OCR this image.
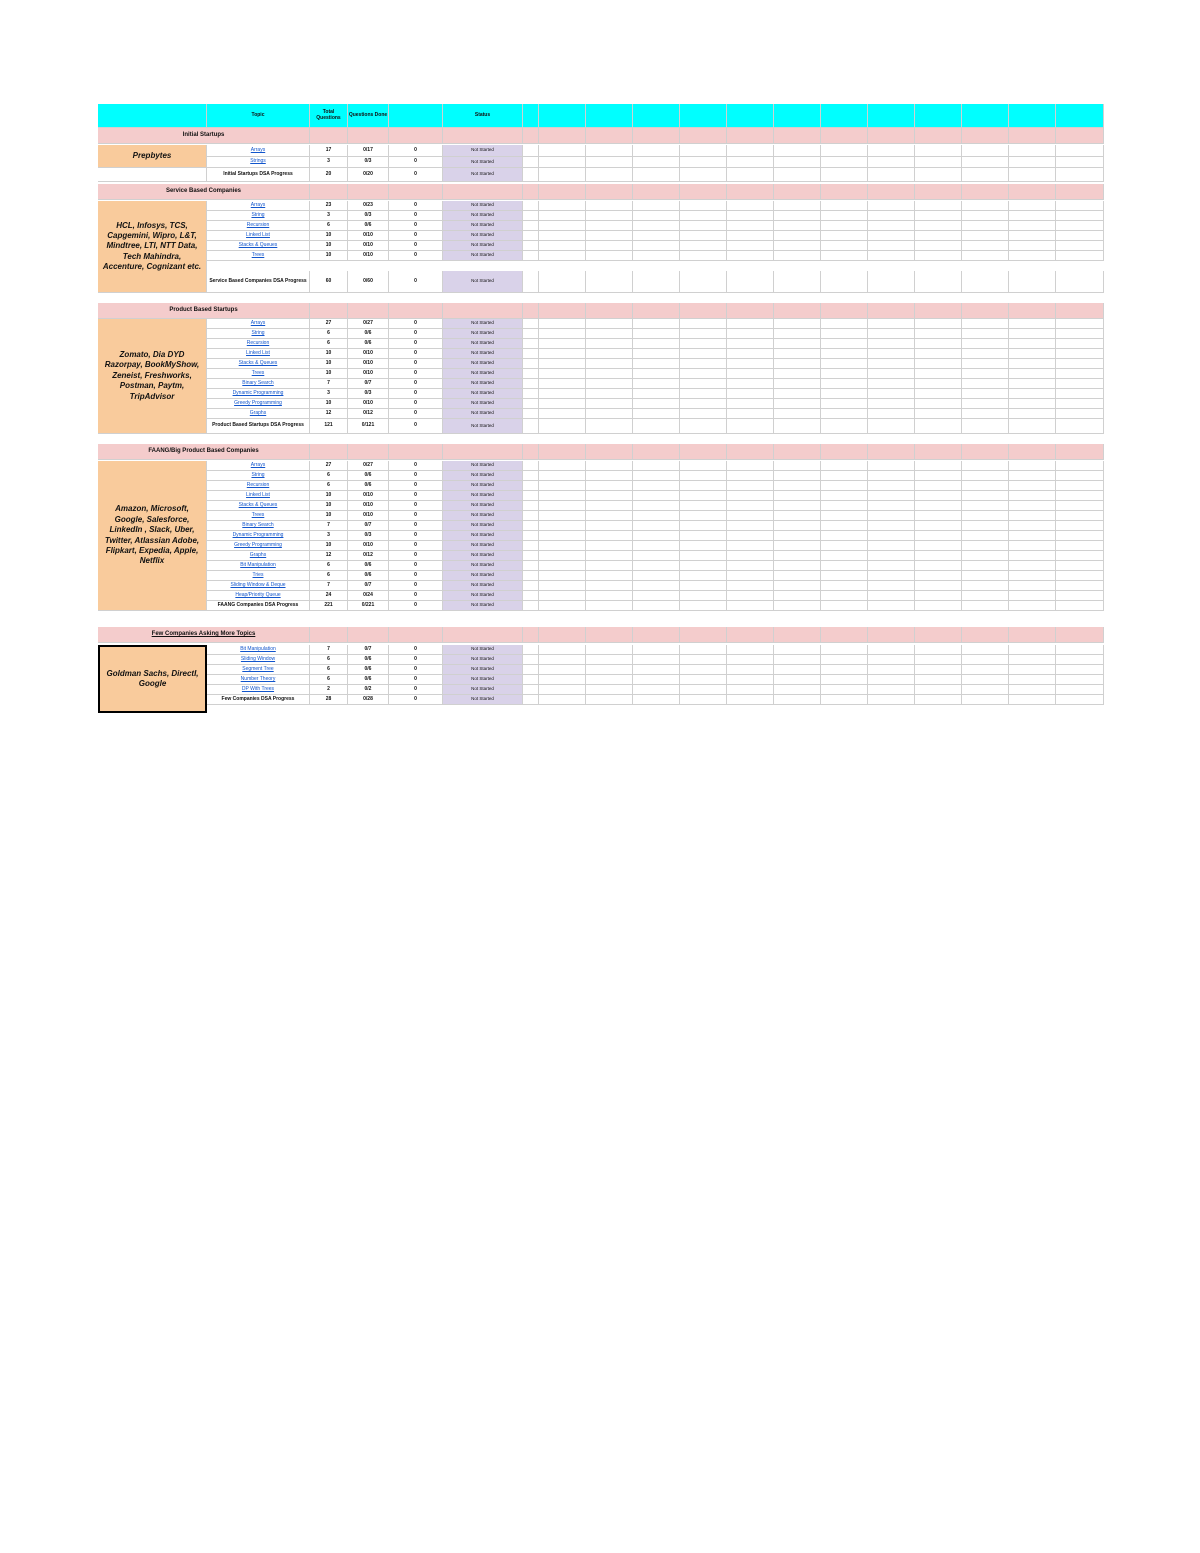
Topic	Total Questions	Questions Done	Status
Initial Startups
Prepbytes
Arrays	17	0/17	0	Not Started
Strings	3	0/3	0	Not Started
Initial Startups DSA Progress	20	0/20	0	Not Started
Service Based Companies
HCL, Infosys, TCS, Capgemini, Wipro, L&T, Mindtree, LTI, NTT Data, Tech Mahindra, Accenture, Cognizant etc.
Arrays	23	0/23	0	Not Started
String	3	0/3	0	Not Started
Recursion	6	0/6	0	Not Started
Linked List	10	0/10	0	Not Started
Stacks & Queues	10	0/10	0	Not Started
Trees	10	0/10	0	Not Started
Service Based Companies DSA Progress	60	0/60	0	Not Started
Product Based Startups
Zomato, Dia DYD Razorpay, BookMyShow, Zeneist, Freshworks, Postman, Paytm, TripAdvisor
Arrays	27	0/27	0	Not Started
String	6	0/6	0	Not Started
Recursion	6	0/6	0	Not Started
Linked List	10	0/10	0	Not Started
Stacks & Queues	10	0/10	0	Not Started
Trees	10	0/10	0	Not Started
Binary Search	7	0/7	0	Not Started
Dynamic Programming	3	0/3	0	Not Started
Greedy Programming	10	0/10	0	Not Started
Graphs	12	0/12	0	Not Started
Product Based Startups DSA Progress	121	0/121	0	Not Started
FAANG/Big Product Based Companies
Amazon, Microsoft, Google, Salesforce, LinkedIn , Slack, Uber, Twitter, Atlassian Adobe, Flipkart, Expedia, Apple, Netflix
Arrays	27	0/27	0	Not Started
String	6	0/6	0	Not Started
Recursion	6	0/6	0	Not Started
Linked List	10	0/10	0	Not Started
Stacks & Queues	10	0/10	0	Not Started
Trees	10	0/10	0	Not Started
Binary Search	7	0/7	0	Not Started
Dynamic Programming	3	0/3	0	Not Started
Greedy Programming	10	0/10	0	Not Started
Graphs	12	0/12	0	Not Started
Bit Manipulation	6	0/6	0	Not Started
Tries	6	0/6	0	Not Started
Sliding Window & Deque	7	0/7	0	Not Started
Heap/Priority Queue	24	0/24	0	Not Started
FAANG Companies DSA Progress	221	0/221	0	Not Started
Few Companies Asking More Topics
Goldman Sachs, DirectI, Google
Bit Manipulation	7	0/7	0	Not Started
Sliding Window	6	0/6	0	Not Started
Segment Tree	6	0/6	0	Not Started
Number Theory	6	0/6	0	Not Started
DP With Trees	2	0/2	0	Not Started
Few Companies DSA Progress	28	0/28	0	Not Started
